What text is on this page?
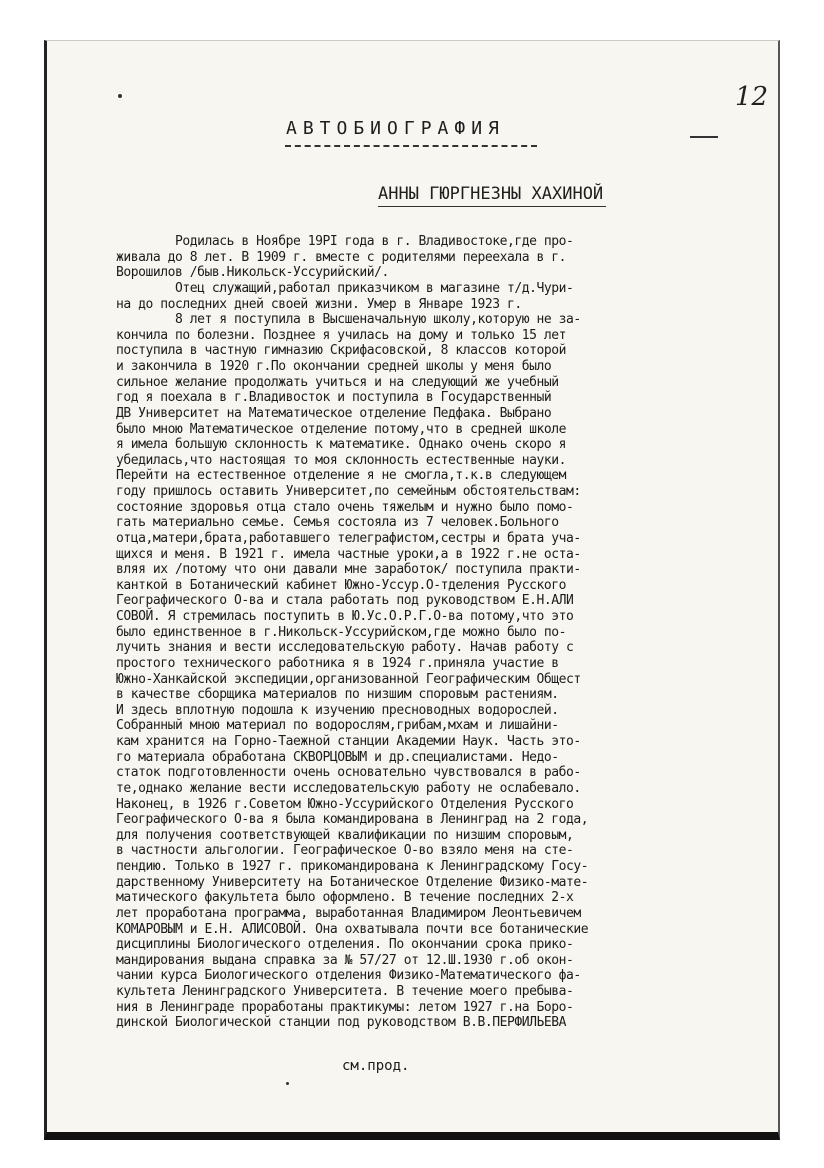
12
АВТОБИОГРАФИЯ
АННЫ ГЮРГНЕЗНЫ ХАХИНОЙ
Родилась в Ноябре 19РI года в г. Владивостоке,где про-
живала до 8 лет. В 1909 г. вместе с родителями переехала в г.
Ворошилов /быв.Никольск-Уссурийский/.
Отец служащий,работал приказчиком в магазине т/д.Чури-
на до последних дней своей жизни. Умер в Январе 1923 г.
8 лет я поступила в Высшеначальную школу,которую не за-
кончила по болезни. Позднее я училась на дому и только 15 лет
поступила в частную гимназию Скрифасовской, 8 классов которой
и закончила в 1920 г.По окончании средней школы у меня было
сильное желание продолжать учиться и на следующий же учебный
год я поехала в г.Владивосток и поступила в Государственный
ДВ Университет на Математическое отделение Педфака. Выбрано
было мною Математическое отделение потому,что в средней школе
я имела большую склонность к математике. Однако очень скоро я
убедилась,что настоящая то моя склонность естественные науки.
Перейти на естественное отделение я не смогла,т.к.в следующем
году пришлось оставить Университет,по семейным обстоятельствам:
состояние здоровья отца стало очень тяжелым и нужно было помо-
гать материально семье. Семья состояла из 7 человек.Больного
отца,матери,брата,работавшего телеграфистом,сестры и брата уча-
щихся и меня. В 1921 г. имела частные уроки,а в 1922 г.не оста-
вляя их /потому что они давали мне заработок/ поступила практи-
канткой в Ботанический кабинет Южно-Уссур.О-тделения Русского
Географического О-ва и стала работать под руководством Е.Н.АЛИ
СОВОЙ. Я стремилась поступить в Ю.Ус.О.Р.Г.О-ва потому,что это
было единственное в г.Никольск-Уссурийском,где можно было по-
лучить знания и вести исследовательскую работу. Начав работу с
простого технического работника я в 1924 г.приняла участие в
Южно-Ханкайской экспедиции,организованной Географическим Общест
в качестве сборщика материалов по низшим споровым растениям.
И здесь вплотную подошла к изучению пресноводных водорослей.
Собранный мною материал по водорослям,грибам,мхам и лишайни-
кам хранится на Горно-Таежной станции Академии Наук. Часть это-
го материала обработана СКВОРЦОВЫМ и др.специалистами. Недо-
статок подготовленности очень основательно чувствовался в рабо-
те,однако желание вести исследовательскую работу не ослабевало.
Наконец, в 1926 г.Советом Южно-Уссурийского Отделения Русского
Географического О-ва я была командирована в Ленинград на 2 года,
для получения соответствующей квалификации по низшим споровым,
в частности альгологии. Географическое О-во взяло меня на сте-
пендию. Только в 1927 г. прикомандирована к Ленинградскому Госу-
дарственному Университету на Ботаническое Отделение Физико-мате-
матического факультета было оформлено. В течение последних 2-х
лет проработана программа, выработанная Владимиром Леонтьевичем
КОМАРОВЫМ и Е.Н. АЛИСОВОЙ. Она охватывала почти все ботанические
дисциплины Биологического отделения. По окончании срока прико-
мандирования выдана справка за № 57/27 от 12.Ш.1930 г.об окон-
чании курса Биологического отделения Физико-Математического фа-
культета Ленинградского Университета. В течение моего пребыва-
ния в Ленинграде проработаны практикумы: летом 1927 г.на Боро-
динской Биологической станции под руководством В.В.ПЕРФИЛЬЕВА

см.прод.
